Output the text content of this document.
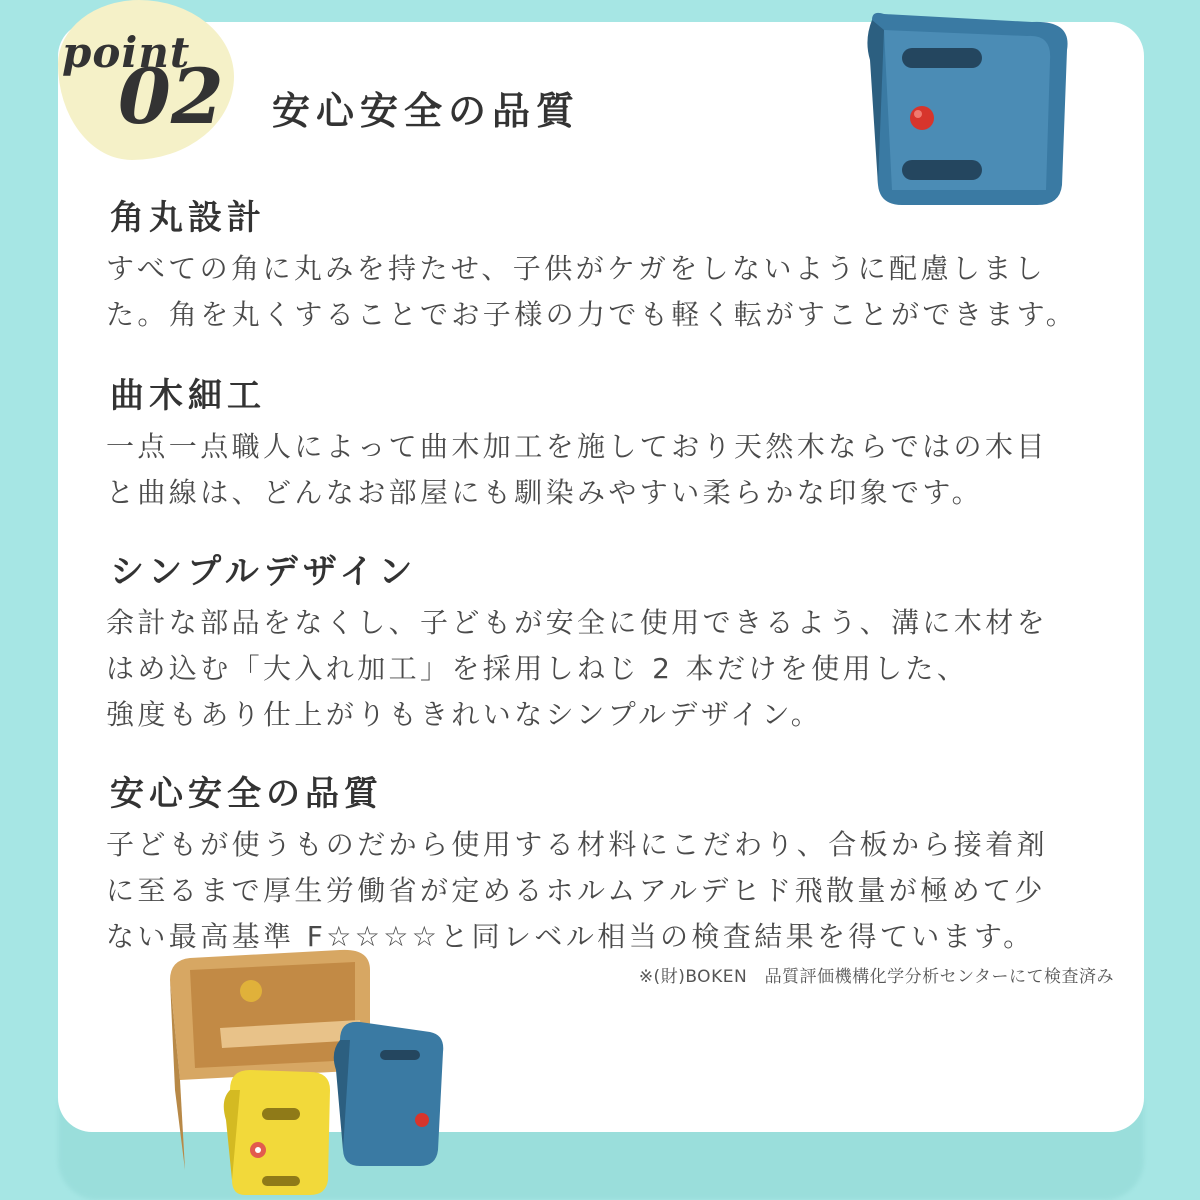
point
02 安心安全の品質
角丸設計

すべての角に丸みを持たせ、子供がケガをしないように配慮しまし
た。角を丸くすることでお子様の力でも軽く転がすことができます。

曲木細工

一点一点職人によって曲木加工を施しており天然木ならではの木目
と曲線は、どんなお部屋にも馴染みやすい柔らかな印象です。

シンプルデザイン

余計な部品をなくし、子どもが安全に使用できるよう、溝に木材を
はめ込む「大入れ加工」を採用しねじ 2 本だけを使用した、
強度もあり仕上がりもきれいなシンプルデザイン。

安心安全の品質

子どもが使うものだから使用する材料にこだわり、合板から接着剤
に至るまで厚生労働省が定めるホルムアルデヒド飛散量が極めて少
ない最高基準 F☆☆☆☆と同レベル相当の検査結果を得ています。

※(財)BOKEN　品質評価機構化学分析センターにて検査済み
